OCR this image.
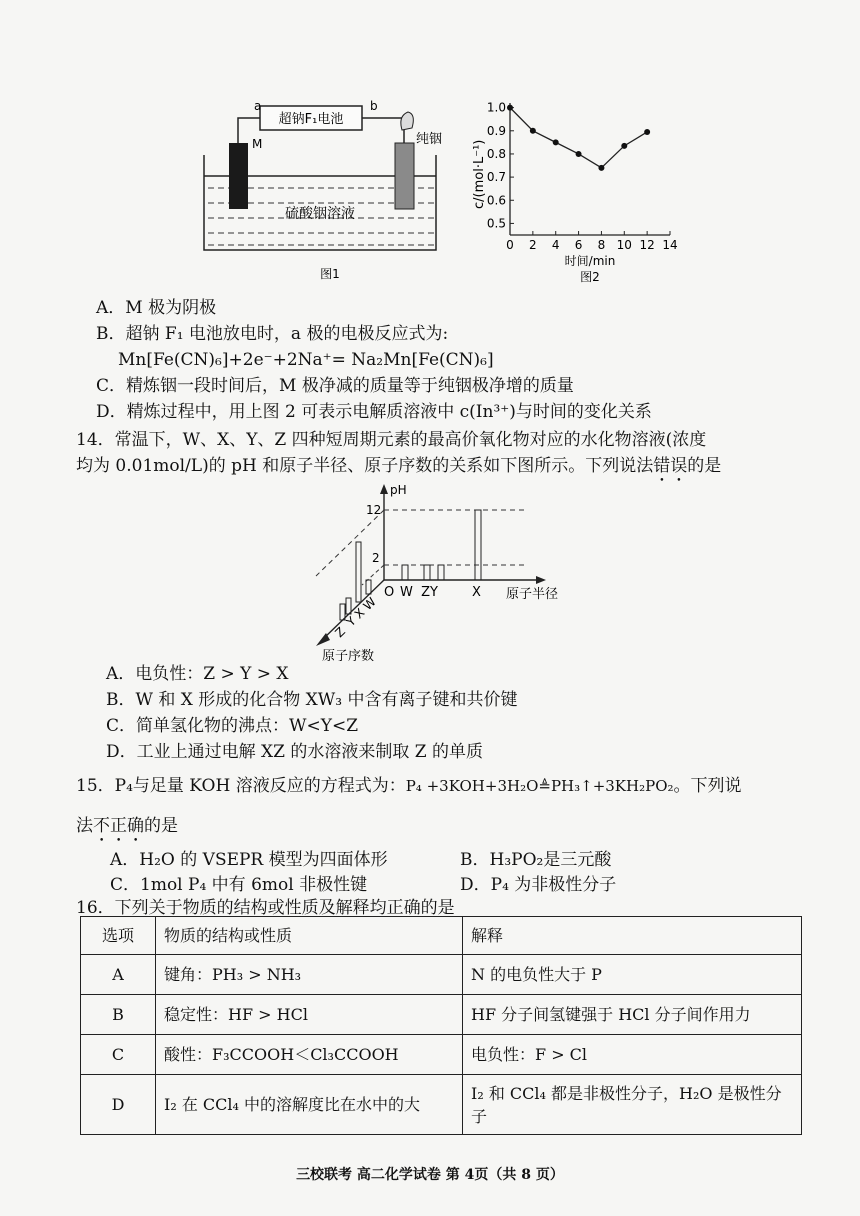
超钠F₁电池
a	b
M	纯铟
硫酸铟溶液
图1
0 2 4 6 8 10 12 14
0.5
0.6
0.7
0.8
0.9
1.0
c/(mol·L⁻¹)
时间/min
图2
A．M 极为阴极
B．超钠 F₁ 电池放电时，a 极的电极反应式为:
Mn[Fe(CN)₆]+2e⁻+2Na⁺= Na₂Mn[Fe(CN)₆]
C．精炼铟一段时间后，M 极净减的质量等于纯铟极净增的质量
D．精炼过程中，用上图 2 可表示电解质溶液中 c(In³⁺)与时间的变化关系
14．常温下，W、X、Y、Z 四种短周期元素的最高价氧化物对应的水化物溶液(浓度
均为 0.01mol/L)的 pH 和原子半径、原子序数的关系如下图所示。下列说法错误的是
pH
12
2
O W  ZY	X 原子半径
原子序数
Z  Y X W
A．电负性：Z > Y > X
B．W 和 X 形成的化合物 XW₃ 中含有离子键和共价键
C．简单氢化物的沸点：W<Y<Z
D．工业上通过电解 XZ 的水溶液来制取 Z 的单质
15．P₄与足量 KOH 溶液反应的方程式为：P₄ +3KOH+3H₂O≜PH₃↑+3KH₂PO₂。下列说
法不正确的是
A．H₂O 的 VSEPR 模型为四面体形	B．H₃PO₂是三元酸
C．1mol P₄ 中有 6mol 非极性键	D．P₄ 为非极性分子
16．下列关于物质的结构或性质及解释均正确的是
选项	物质的结构或性质	解释
A	键角：PH₃ > NH₃	N 的电负性大于 P
B	稳定性：HF > HCl	HF 分子间氢键强于 HCl 分子间作用力
C	酸性：F₃CCOOH＜Cl₃CCOOH	电负性：F > Cl
D	I₂ 在 CCl₄ 中的溶解度比在水中的大	I₂ 和 CCl₄ 都是非极性分子，H₂O 是极性分子
三校联考 高二化学试卷 第 4页（共 8 页）
